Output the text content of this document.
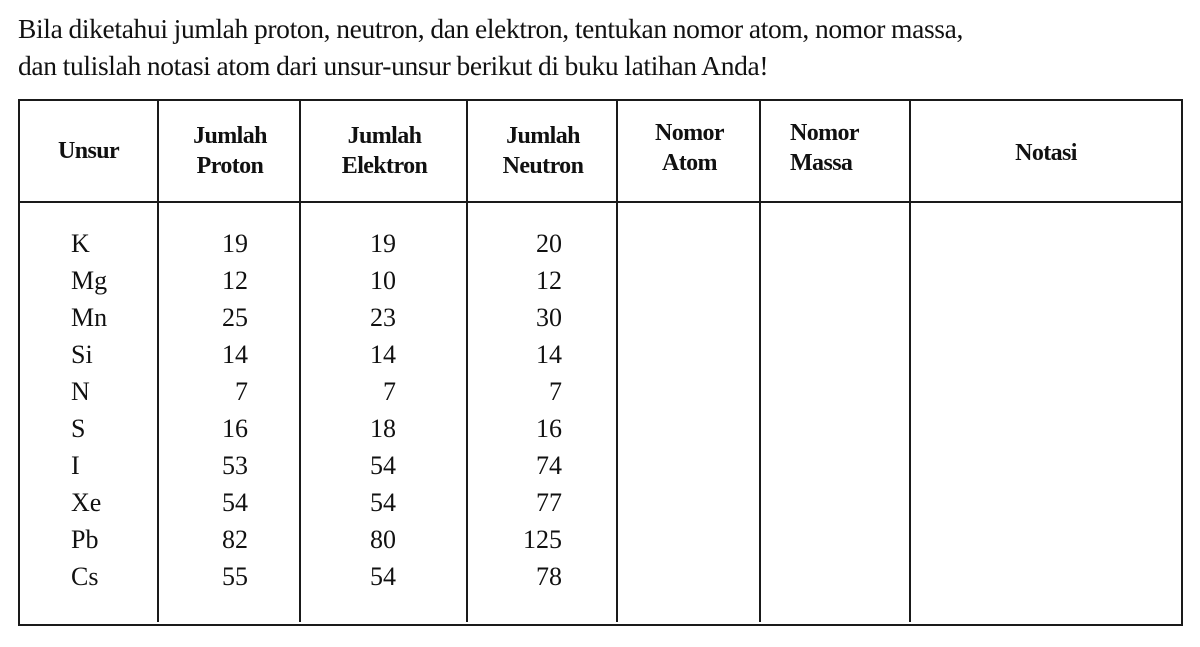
Bila diketahui jumlah proton, neutron, dan elektron, tentukan nomor atom, nomor massa,
dan tulislah notasi atom dari unsur-unsur berikut di buku latihan Anda!
Unsur
Jumlah
Proton
Jumlah
Elektron
Jumlah
Neutron
Nomor
Atom
Nomor
Massa	Notasi
K
Mg
Mn
Si
N
S
I
Xe
Pb
Cs
19
12
25
14
7
16
53
54
82
55
19
10
23
14
7
18
54
54
80
54
20
12
30
14
7
16
74
77
125
78
